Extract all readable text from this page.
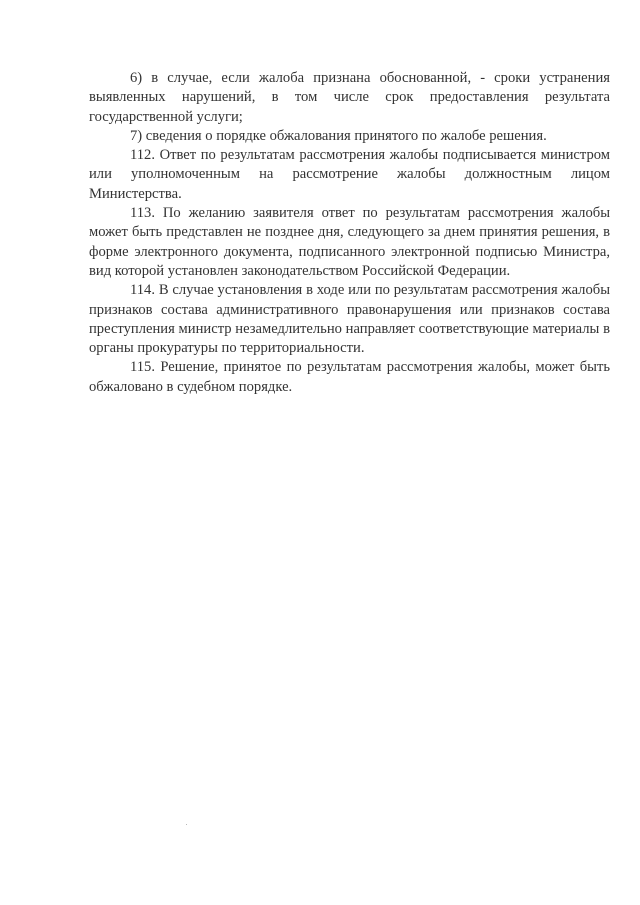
6) в случае, если жалоба признана обоснованной, - сроки устранения выявленных нарушений, в том числе срок предоставления результата государственной услуги;

7) сведения о порядке обжалования принятого по жалобе решения.

112. Ответ по результатам рассмотрения жалобы подписывается министром или уполномоченным на рассмотрение жалобы должностным лицом Министерства.

113. По желанию заявителя ответ по результатам рассмотрения жалобы может быть представлен не позднее дня, следующего за днем принятия решения, в форме электронного документа, подписанного электронной подписью Министра, вид которой установлен законодательством Российской Федерации.

114. В случае установления в ходе или по результатам рассмотрения жалобы признаков состава административного правонарушения или признаков состава преступления министр незамедлительно направляет соответствующие материалы в органы прокуратуры по территориальности.

115. Решение, принятое по результатам рассмотрения жалобы, может быть обжаловано в судебном порядке.
